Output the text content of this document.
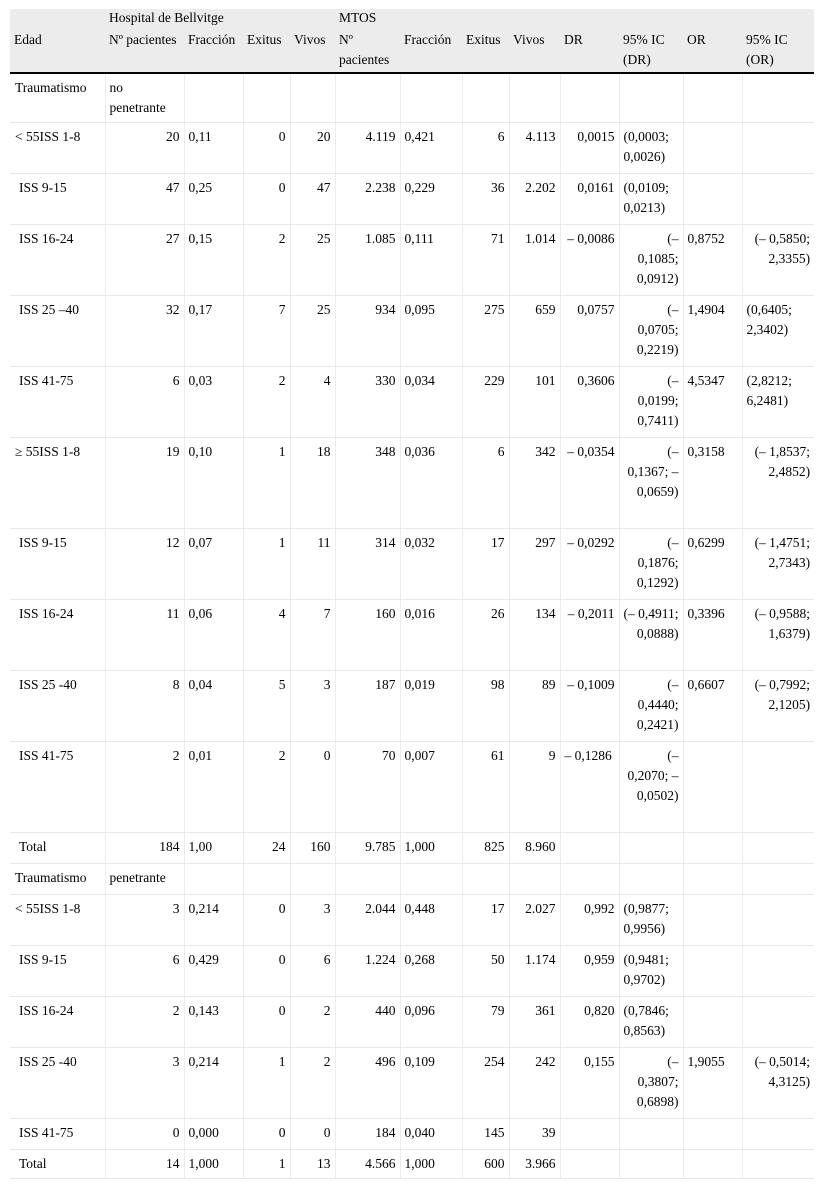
	Hospital de Bellvitge				MTOS							
Edad	Nº pacientes	Fracción	Exitus	Vivos	Nº pacientes	Fracción	Exitus	Vivos	DR	95% IC (DR)	OR	95% IC (OR)
Traumatismo	no penetrante											
< 55ISS 1-8	20	0,11	0	20	4.119	0,421	6	4.113	0,0015	(0,0003; 0,0026)		
ISS 9-15	47	0,25	0	47	2.238	0,229	36	2.202	0,0161	(0,0109; 0,0213)		
ISS 16-24	27	0,15	2	25	1.085	0,111	71	1.014	– 0,0086	(– 0,1085; 0,0912)	0,8752	(– 0,5850; 2,3355)
ISS 25 –40	32	0,17	7	25	934	0,095	275	659	0,0757	(– 0,0705; 0,2219)	1,4904	(0,6405; 2,3402)
ISS 41-75	6	0,03	2	4	330	0,034	229	101	0,3606	(– 0,0199; 0,7411)	4,5347	(2,8212; 6,2481)
≥ 55ISS 1-8	19	0,10	1	18	348	0,036	6	342	– 0,0354	(– 0,1367; – 0,0659)	0,3158	(– 1,8537; 2,4852)
ISS 9-15	12	0,07	1	11	314	0,032	17	297	– 0,0292	(– 0,1876; 0,1292)	0,6299	(– 1,4751; 2,7343)
ISS 16-24	11	0,06	4	7	160	0,016	26	134	– 0,2011	(– 0,4911; 0,0888)	0,3396	(– 0,9588; 1,6379)
ISS 25 -40	8	0,04	5	3	187	0,019	98	89	– 0,1009	(– 0,4440; 0,2421)	0,6607	(– 0,7992; 2,1205)
ISS 41-75	2	0,01	2	0	70	0,007	61	9	– 0,1286	(– 0,2070; – 0,0502)		
Total	184	1,00	24	160	9.785	1,000	825	8.960				
Traumatismo	penetrante											
< 55ISS 1-8	3	0,214	0	3	2.044	0,448	17	2.027	0,992	(0,9877; 0,9956)		
ISS 9-15	6	0,429	0	6	1.224	0,268	50	1.174	0,959	(0,9481; 0,9702)		
ISS 16-24	2	0,143	0	2	440	0,096	79	361	0,820	(0,7846; 0,8563)		
ISS 25 -40	3	0,214	1	2	496	0,109	254	242	0,155	(– 0,3807; 0,6898)	1,9055	(– 0,5014; 4,3125)
ISS 41-75	0	0,000	0	0	184	0,040	145	39				
Total	14	1,000	1	13	4.566	1,000	600	3.966				
